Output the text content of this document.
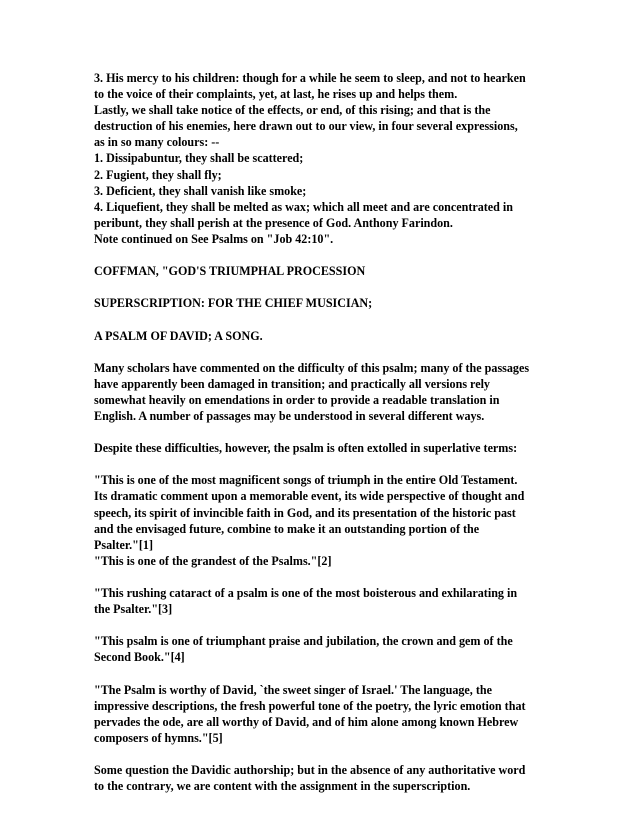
3. His mercy to his children: though for a while he seem to sleep, and not to hearken
to the voice of their complaints, yet, at last, he rises up and helps them.
Lastly, we shall take notice of the effects, or end, of this rising; and that is the
destruction of his enemies, here drawn out to our view, in four several expressions,
as in so many colours: --
1. Dissipabuntur, they shall be scattered;
2. Fugient, they shall fly;
3. Deficient, they shall vanish like smoke;
4. Liquefient, they shall be melted as wax; which all meet and are concentrated in
peribunt, they shall perish at the presence of God. Anthony Farindon.
Note continued on See Psalms on "Job 42:10".
COFFMAN, "GOD'S TRIUMPHAL PROCESSION
SUPERSCRIPTION: FOR THE CHIEF MUSICIAN;
A PSALM OF DAVID; A SONG.
Many scholars have commented on the difficulty of this psalm; many of the passages
have apparently been damaged in transition; and practically all versions rely
somewhat heavily on emendations in order to provide a readable translation in
English. A number of passages may be understood in several different ways.
Despite these difficulties, however, the psalm is often extolled in superlative terms:
"This is one of the most magnificent songs of triumph in the entire Old Testament.
Its dramatic comment upon a memorable event, its wide perspective of thought and
speech, its spirit of invincible faith in God, and its presentation of the historic past
and the envisaged future, combine to make it an outstanding portion of the
Psalter."[1]
"This is one of the grandest of the Psalms."[2]
"This rushing cataract of a psalm is one of the most boisterous and exhilarating in
the Psalter."[3]
"This psalm is one of triumphant praise and jubilation, the crown and gem of the
Second Book."[4]
"The Psalm is worthy of David, `the sweet singer of Israel.' The language, the
impressive descriptions, the fresh powerful tone of the poetry, the lyric emotion that
pervades the ode, are all worthy of David, and of him alone among known Hebrew
composers of hymns."[5]
Some question the Davidic authorship; but in the absence of any authoritative word
to the contrary, we are content with the assignment in the superscription.
